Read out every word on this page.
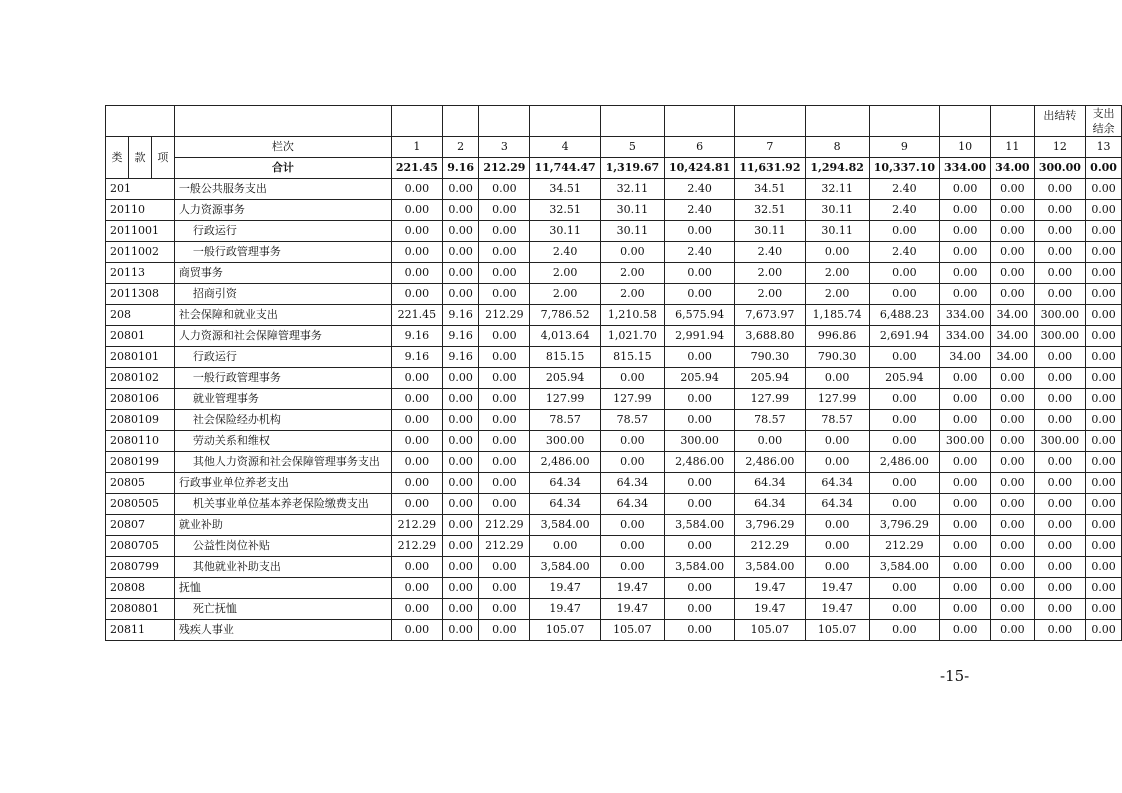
															出结转	支出结余
类	款	项	栏次	1	2	3	4	5	6	7	8	9	10	11	12	13
			合计	221.45	9.16	212.29	11,744.47	1,319.67	10,424.81	11,631.92	1,294.82	10,337.10	334.00	34.00	300.00	0.00
201			一般公共服务支出	0.00	0.00	0.00	34.51	32.11	2.40	34.51	32.11	2.40	0.00	0.00	0.00	0.00
20110			人力资源事务	0.00	0.00	0.00	32.51	30.11	2.40	32.51	30.11	2.40	0.00	0.00	0.00	0.00
2011001			行政运行	0.00	0.00	0.00	30.11	30.11	0.00	30.11	30.11	0.00	0.00	0.00	0.00	0.00
2011002			一般行政管理事务	0.00	0.00	0.00	2.40	0.00	2.40	2.40	0.00	2.40	0.00	0.00	0.00	0.00
20113			商贸事务	0.00	0.00	0.00	2.00	2.00	0.00	2.00	2.00	0.00	0.00	0.00	0.00	0.00
2011308			招商引资	0.00	0.00	0.00	2.00	2.00	0.00	2.00	2.00	0.00	0.00	0.00	0.00	0.00
208			社会保障和就业支出	221.45	9.16	212.29	7,786.52	1,210.58	6,575.94	7,673.97	1,185.74	6,488.23	334.00	34.00	300.00	0.00
20801			人力资源和社会保障管理事务	9.16	9.16	0.00	4,013.64	1,021.70	2,991.94	3,688.80	996.86	2,691.94	334.00	34.00	300.00	0.00
2080101			行政运行	9.16	9.16	0.00	815.15	815.15	0.00	790.30	790.30	0.00	34.00	34.00	0.00	0.00
2080102			一般行政管理事务	0.00	0.00	0.00	205.94	0.00	205.94	205.94	0.00	205.94	0.00	0.00	0.00	0.00
2080106			就业管理事务	0.00	0.00	0.00	127.99	127.99	0.00	127.99	127.99	0.00	0.00	0.00	0.00	0.00
2080109			社会保险经办机构	0.00	0.00	0.00	78.57	78.57	0.00	78.57	78.57	0.00	0.00	0.00	0.00	0.00
2080110			劳动关系和维权	0.00	0.00	0.00	300.00	0.00	300.00	0.00	0.00	0.00	300.00	0.00	300.00	0.00
2080199			其他人力资源和社会保障管理事务支出	0.00	0.00	0.00	2,486.00	0.00	2,486.00	2,486.00	0.00	2,486.00	0.00	0.00	0.00	0.00
20805			行政事业单位养老支出	0.00	0.00	0.00	64.34	64.34	0.00	64.34	64.34	0.00	0.00	0.00	0.00	0.00
2080505			机关事业单位基本养老保险缴费支出	0.00	0.00	0.00	64.34	64.34	0.00	64.34	64.34	0.00	0.00	0.00	0.00	0.00
20807			就业补助	212.29	0.00	212.29	3,584.00	0.00	3,584.00	3,796.29	0.00	3,796.29	0.00	0.00	0.00	0.00
2080705			公益性岗位补贴	212.29	0.00	212.29	0.00	0.00	0.00	212.29	0.00	212.29	0.00	0.00	0.00	0.00
2080799			其他就业补助支出	0.00	0.00	0.00	3,584.00	0.00	3,584.00	3,584.00	0.00	3,584.00	0.00	0.00	0.00	0.00
20808			抚恤	0.00	0.00	0.00	19.47	19.47	0.00	19.47	19.47	0.00	0.00	0.00	0.00	0.00
2080801			死亡抚恤	0.00	0.00	0.00	19.47	19.47	0.00	19.47	19.47	0.00	0.00	0.00	0.00	0.00
20811			残疾人事业	0.00	0.00	0.00	105.07	105.07	0.00	105.07	105.07	0.00	0.00	0.00	0.00	0.00
-15-
